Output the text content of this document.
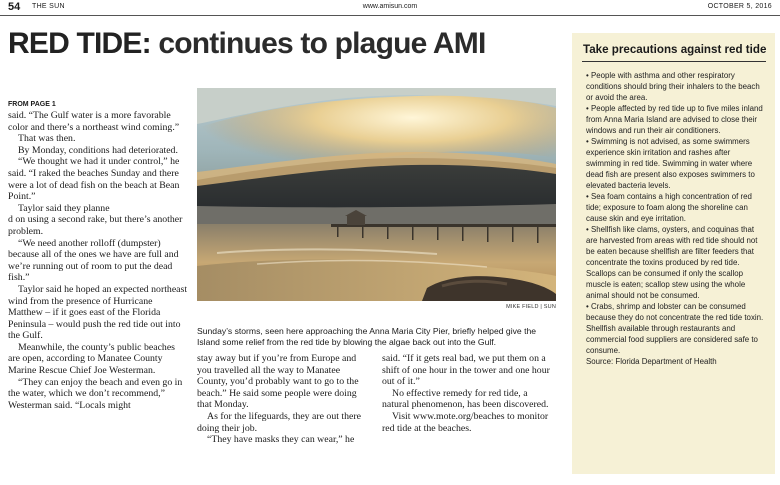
54 THE SUN	www.amisun.com	OCTOBER 5, 2016
RED TIDE: continues to plague AMI
FROM PAGE 1

said. “The Gulf water is a more favorable color and there’s a northeast wind coming.”

That was then.

By Monday, conditions had deteriorated.

“We thought we had it under control,” he said. “I raked the beaches Sunday and there were a lot of dead fish on the beach at Bean Point.”

Taylor said they planne

d on using a second rake, but there’s another problem.

“We need another rolloff (dumpster) because all of the ones we have are full and we’re running out of room to put the dead fish.”

Taylor said he hoped an expected northeast wind from the presence of Hurricane Matthew – if it goes east of the Florida Peninsula – would push the red tide out into the Gulf.

Meanwhile, the county’s public beaches are open, according to Manatee County Marine Rescue Chief Joe Westerman.

“They can enjoy the beach and even go in the water, which we don’t recommend,” Westerman said. “Locals might

MIKE FIELD | SUN
Sunday’s storms, seen here approaching the Anna Maria City Pier, briefly helped give the Island some relief from the red tide by blowing the algae back out into the Gulf.

stay away but if you’re from Europe and you travelled all the way to Manatee County, you’d probably want to go to the beach.” He said some people were doing that Monday.

As for the lifeguards, they are out there doing their job.

“They have masks they can wear,” he

said. “If it gets real bad, we put them on a shift of one hour in the tower and one hour out of it.”

No effective remedy for red tide, a natural phenomenon, has been discovered.

Visit www.mote.org/beaches to monitor red tide at the beaches.

Take precautions against red tide

• People with asthma and other respiratory conditions should bring their inhalers to the beach or avoid the area.

• People affected by red tide up to five miles inland from Anna Maria Island are advised to close their windows and run their air conditioners.

• Swimming is not advised, as some swimmers experience skin irritation and rashes after swimming in red tide. Swimming in water where dead fish are present also exposes swimmers to elevated bacteria levels.

• Sea foam contains a high concentration of red tide; exposure to foam along the shoreline can cause skin and eye irritation.

• Shellfish like clams, oysters, and coquinas that are harvested from areas with red tide should not be eaten because shellfish are filter feeders that concentrate the toxins produced by red tide. Scallops can be consumed if only the scallop muscle is eaten; scallop stew using the whole animal should not be consumed.

• Crabs, shrimp and lobster can be consumed because they do not concentrate the red tide toxin. Shellfish available through restaurants and commercial food suppliers are considered safe to consume.

Source: Florida Department of Health
